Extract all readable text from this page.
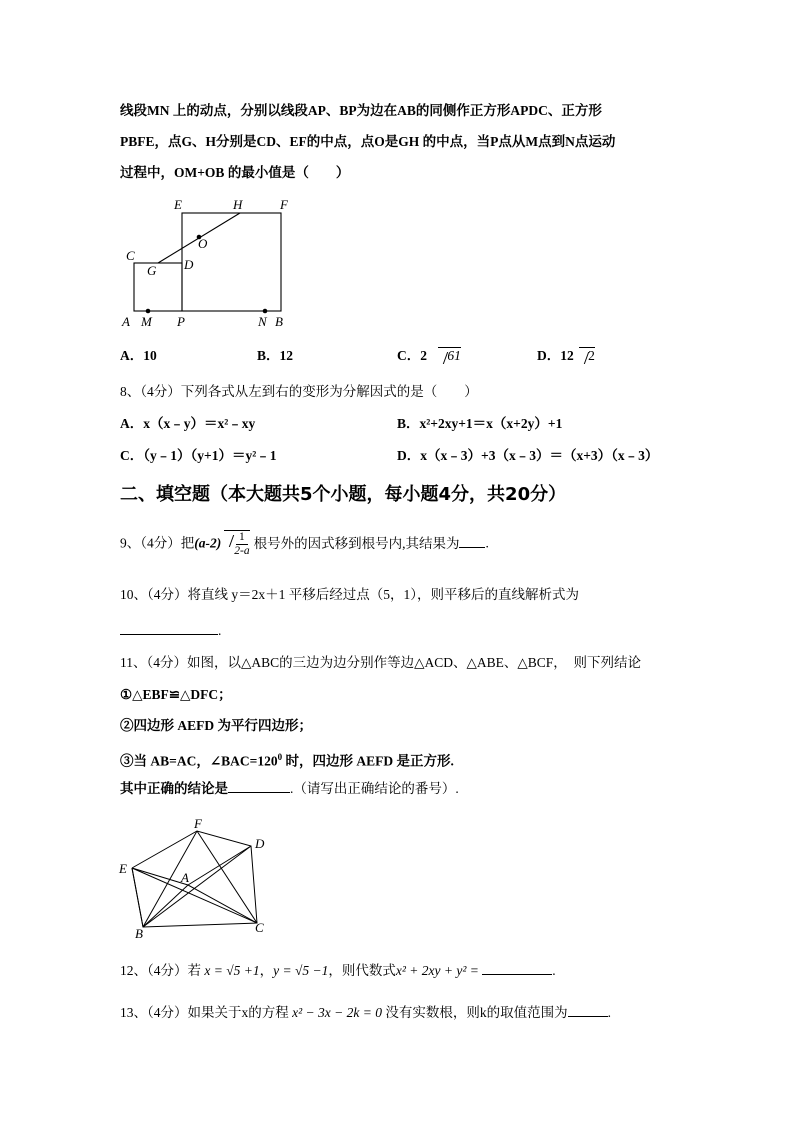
线段MN 上的动点，分别以线段AP、BP为边在AB的同侧作正方形APDC、正方形
PBFE，点G、H分别是CD、EF的中点，点O是GH 的中点，当P点从M点到N点运动
过程中，OM+OB 的最小值是（　　）
E	H	F
O
C
G D
A M P	N B
A．10	B．12	C．2 61	D．12 2
8、（4分）下列各式从左到右的变形为分解因式的是（　　）
A．x（x﹣y）＝x²﹣xy	B．x²+2xy+1＝x（x+2y）+1
C．（y﹣1）（y+1）＝y²﹣1	D．x（x﹣3）+3（x﹣3）＝（x+3）（x﹣3）
二、填空题（本大题共5个小题，每小题4分，共20分）
9、（4分）把$(a-2) \frac{1}{2-a}$ 根号外的因式移到根号内,其结果为 .
10、（4分）将直线 y＝2x＋1 平移后经过点（5，1），则平移后的直线解析式为
.
11、（4分）如图，以△ABC的三边为边分别作等边△ACD、△ABE、△BCF，　则下列结论
①△EBF≌△DFC；
②四边形 AEFD 为平行四边形；
③当 AB=AC，$\angle BAC=120^0$ 时，四边形 AEFD 是正方形.
其中正确的结论是	.（请写出正确结论的番号）.
F
D
E
A
B	C
12、（4分）若 x = √5 +1，y = √5 −1，则代数式x² + 2xy + y² =	.
13、（4分）如果关于x的方程 x² − 3x − 2k = 0 没有实数根，则k的取值范围为	.
